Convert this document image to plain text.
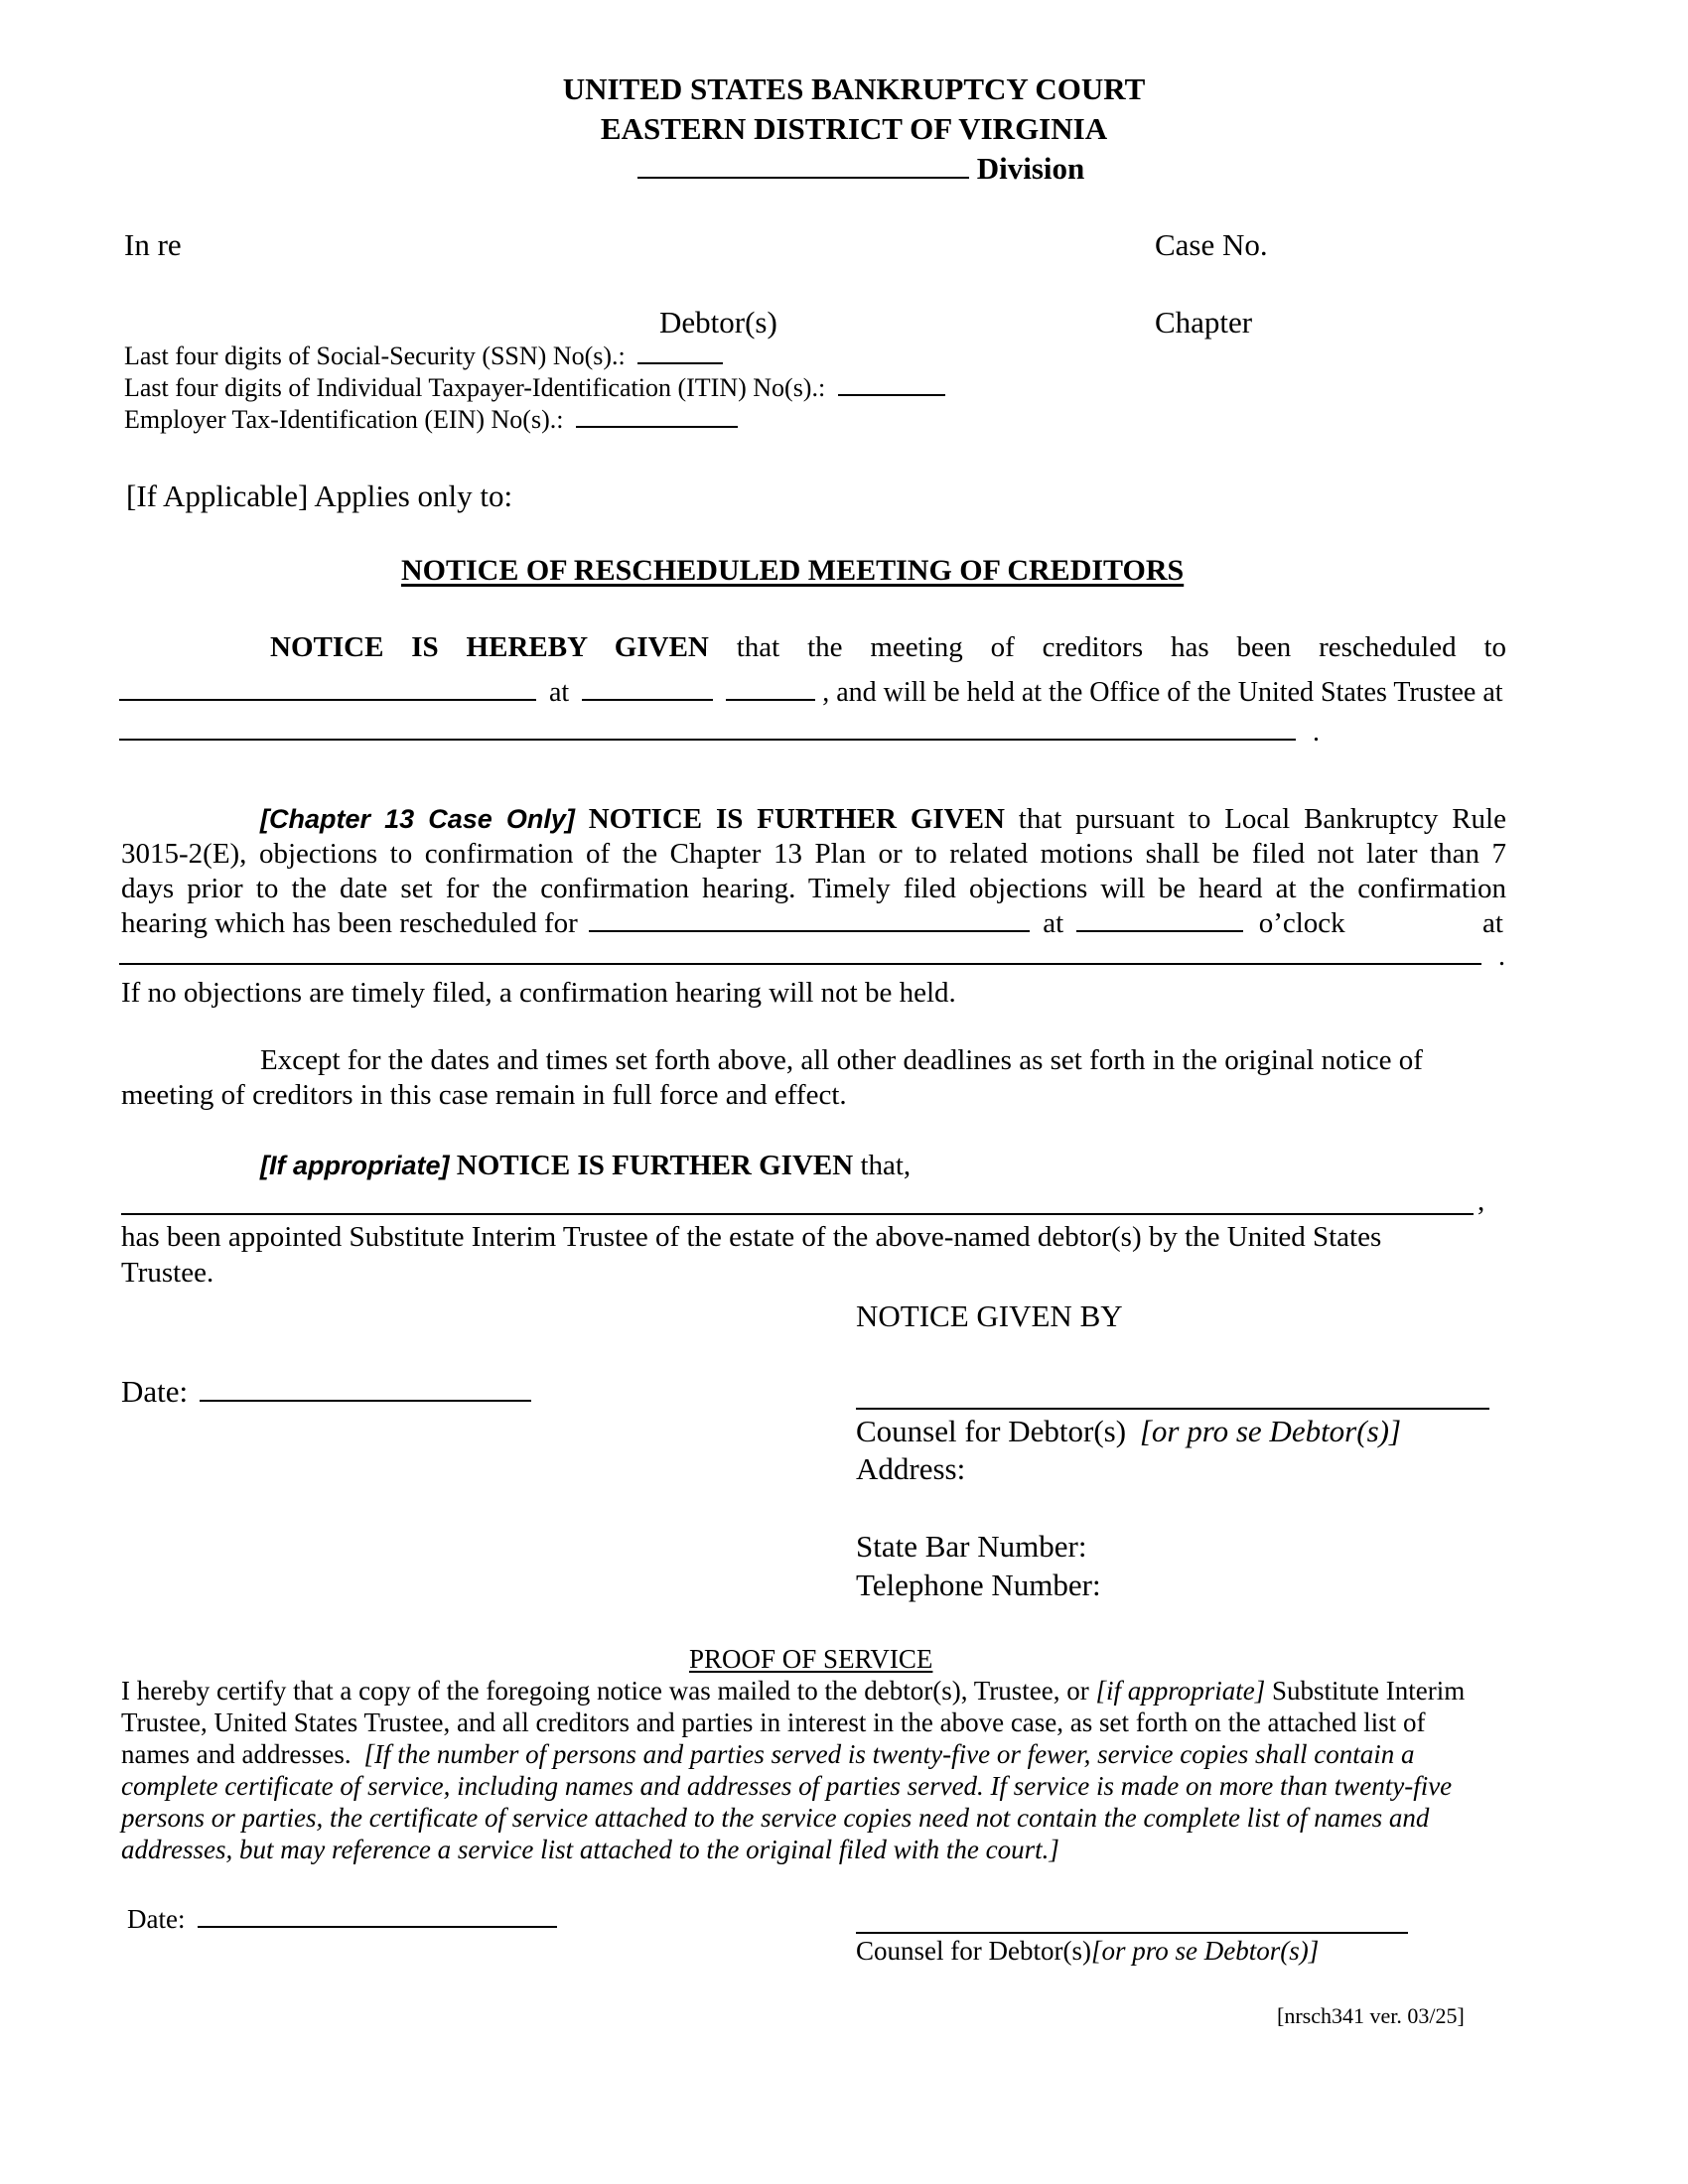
UNITED STATES BANKRUPTCY COURT
EASTERN DISTRICT OF VIRGINIA
Division
In re	Case No.
Debtor(s)	Chapter
Last four digits of Social-Security (SSN) No(s).:
Last four digits of Individual Taxpayer-Identification (ITIN) No(s).:
Employer Tax-Identification (EIN) No(s).:
[If Applicable] Applies only to:
NOTICE OF RESCHEDULED MEETING OF CREDITORS
NOTICE IS HEREBY GIVEN that the meeting of creditors has been rescheduled to
at	, and will be held at the Office of the United States Trustee at
.
[Chapter 13 Case Only] NOTICE IS FURTHER GIVEN that pursuant to Local Bankruptcy Rule
3015-2(E), objections to confirmation of the Chapter 13 Plan or to related motions shall be filed not later than 7
days prior to the date set for the confirmation hearing. Timely filed objections will be heard at the confirmation
hearing which has been rescheduled for	at	o’clock	at
.
If no objections are timely filed, a confirmation hearing will not be held.
Except for the dates and times set forth above, all other deadlines as set forth in the original notice of
meeting of creditors in this case remain in full force and effect.
[If appropriate] NOTICE IS FURTHER GIVEN that,
,
has been appointed Substitute Interim Trustee of the estate of the above-named debtor(s) by the United States
Trustee.
NOTICE GIVEN BY
Date:
Counsel for Debtor(s) [or pro se Debtor(s)]
Address:
State Bar Number:
Telephone Number:
PROOF OF SERVICE
I hereby certify that a copy of the foregoing notice was mailed to the debtor(s), Trustee, or [if appropriate] Substitute Interim
Trustee, United States Trustee, and all creditors and parties in interest in the above case, as set forth on the attached list of
names and addresses. [If the number of persons and parties served is twenty-five or fewer, service copies shall contain a
complete certificate of service, including names and addresses of parties served. If service is made on more than twenty-five
persons or parties, the certificate of service attached to the service copies need not contain the complete list of names and
addresses, but may reference a service list attached to the original filed with the court.]
Date:
Counsel for Debtor(s)[or pro se Debtor(s)]
[nrsch341 ver. 03/25]
